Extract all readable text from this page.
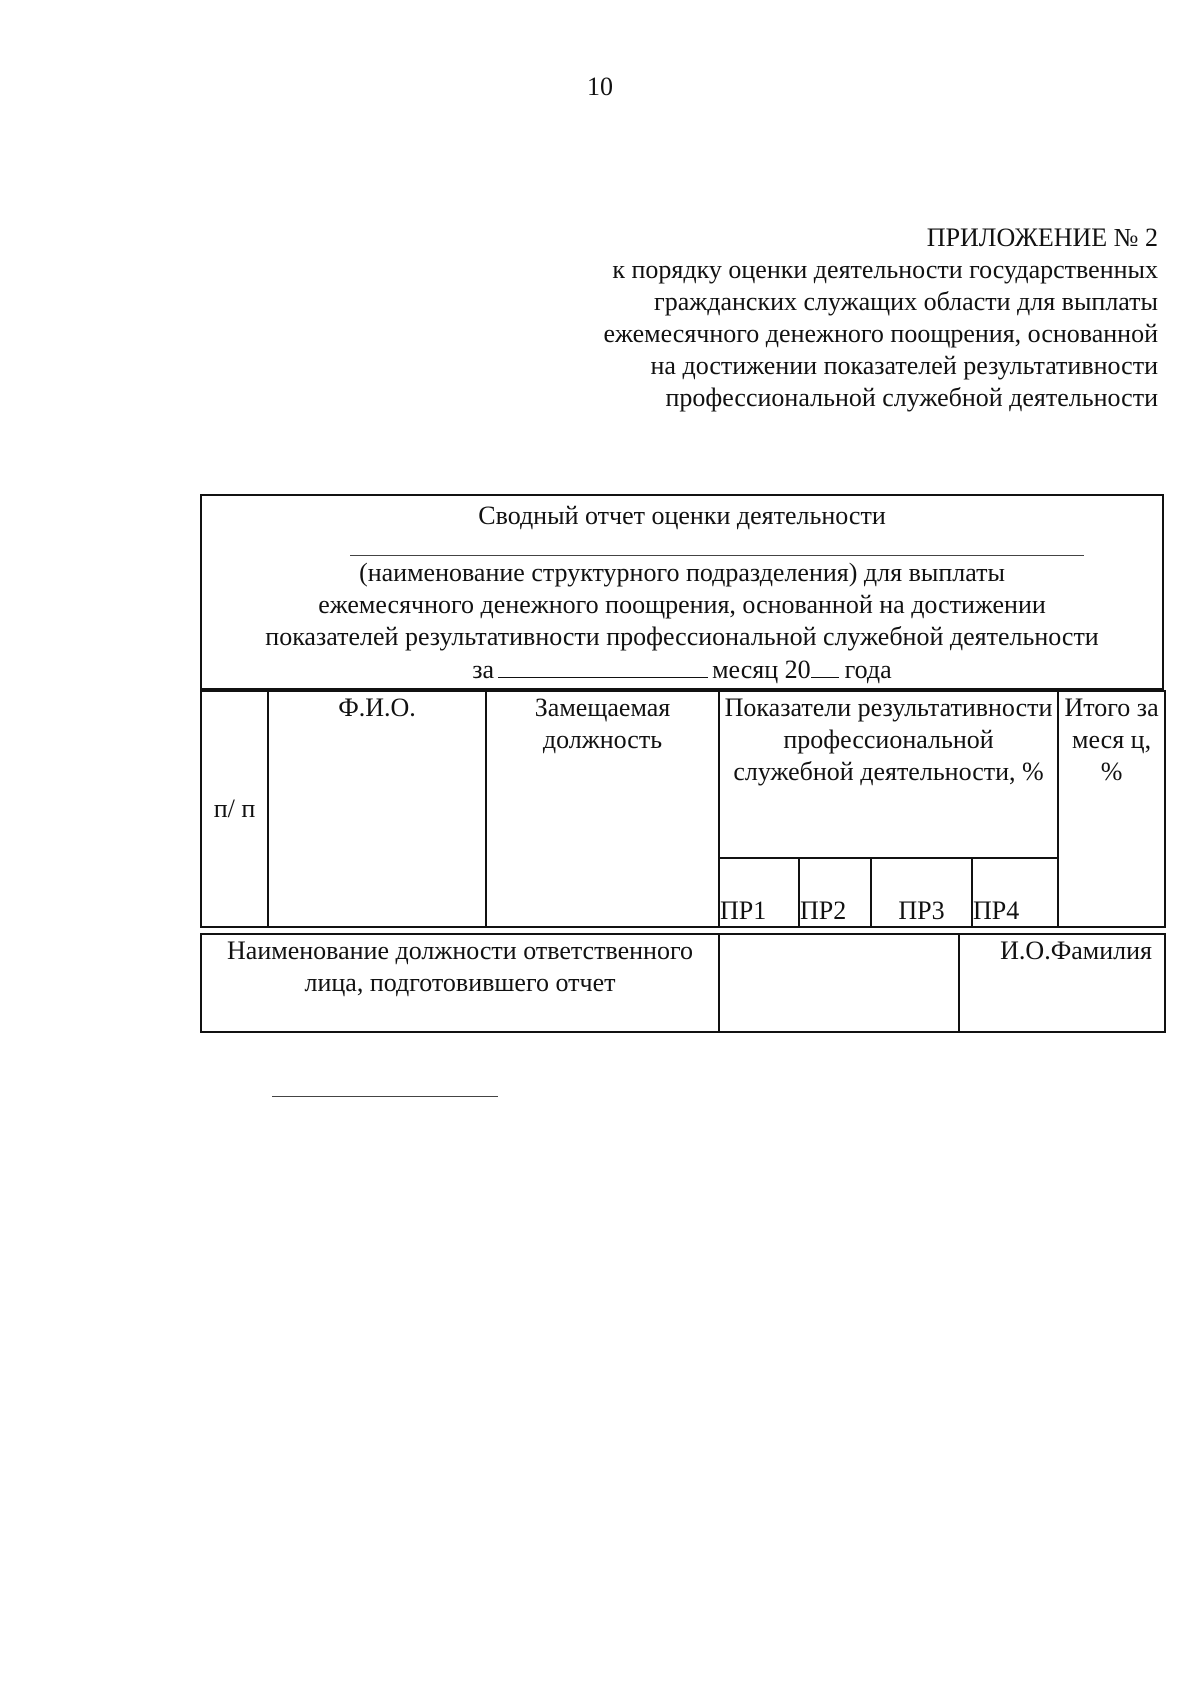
10
ПРИЛОЖЕНИЕ № 2
к порядку оценки деятельности государственных
гражданских служащих области для выплаты
ежемесячного денежного поощрения, основанной
на достижении показателей результативности
профессиональной служебной деятельности
Сводный отчет оценки деятельности
(наименование структурного подразделения) для выплаты
ежемесячного денежного поощрения, основанной на достижении
показателей результативности профессиональной служебной деятельности
за	месяц 20 года
п/ п	Ф.И.О.	Замещаемая должность	Показатели результативности профессиональной служебной деятельности, %				Итого за меся ц, %
			ПР1	ПР2	ПР3	ПР4	
Наименование должности ответственного лица, подготовившего отчет		И.О.Фамилия
